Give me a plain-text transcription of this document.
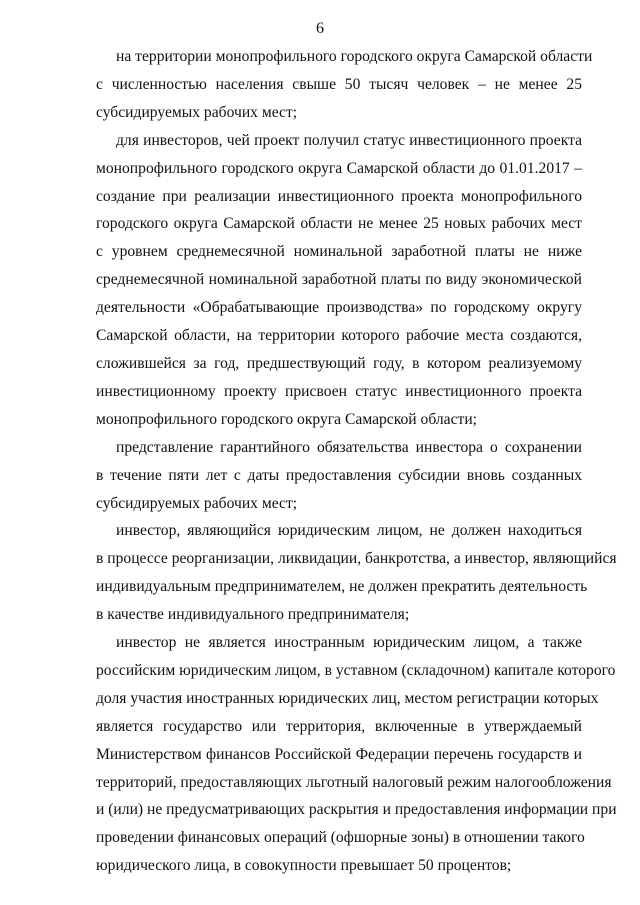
6
на территории монопрофильного городского округа Самарской области
с численностью населения свыше 50 тысяч человек – не менее 25
субсидируемых рабочих мест;
для инвесторов, чей проект получил статус инвестиционного проекта
монопрофильного городского округа Самарской области до 01.01.2017 –
создание при реализации инвестиционного проекта монопрофильного
городского округа Самарской области не менее 25 новых рабочих мест
с уровнем среднемесячной номинальной заработной платы не ниже
среднемесячной номинальной заработной платы по виду экономической
деятельности «Обрабатывающие производства» по городскому округу
Самарской области, на территории которого рабочие места создаются,
сложившейся за год, предшествующий году, в котором реализуемому
инвестиционному проекту присвоен статус инвестиционного проекта
монопрофильного городского округа Самарской области;
представление гарантийного обязательства инвестора о сохранении
в течение пяти лет с даты предоставления субсидии вновь созданных
субсидируемых рабочих мест;
инвестор, являющийся юридическим лицом, не должен находиться
в процессе реорганизации, ликвидации, банкротства, а инвестор, являющийся
индивидуальным предпринимателем, не должен прекратить деятельность
в качестве индивидуального предпринимателя;
инвестор не является иностранным юридическим лицом, а также
российским юридическим лицом, в уставном (складочном) капитале которого
доля участия иностранных юридических лиц, местом регистрации которых
является государство или территория, включенные в утверждаемый
Министерством финансов Российской Федерации перечень государств и
территорий, предоставляющих льготный налоговый режим налогообложения
и (или) не предусматривающих раскрытия и предоставления информации при
проведении финансовых операций (офшорные зоны) в отношении такого
юридического лица, в совокупности превышает 50 процентов;
